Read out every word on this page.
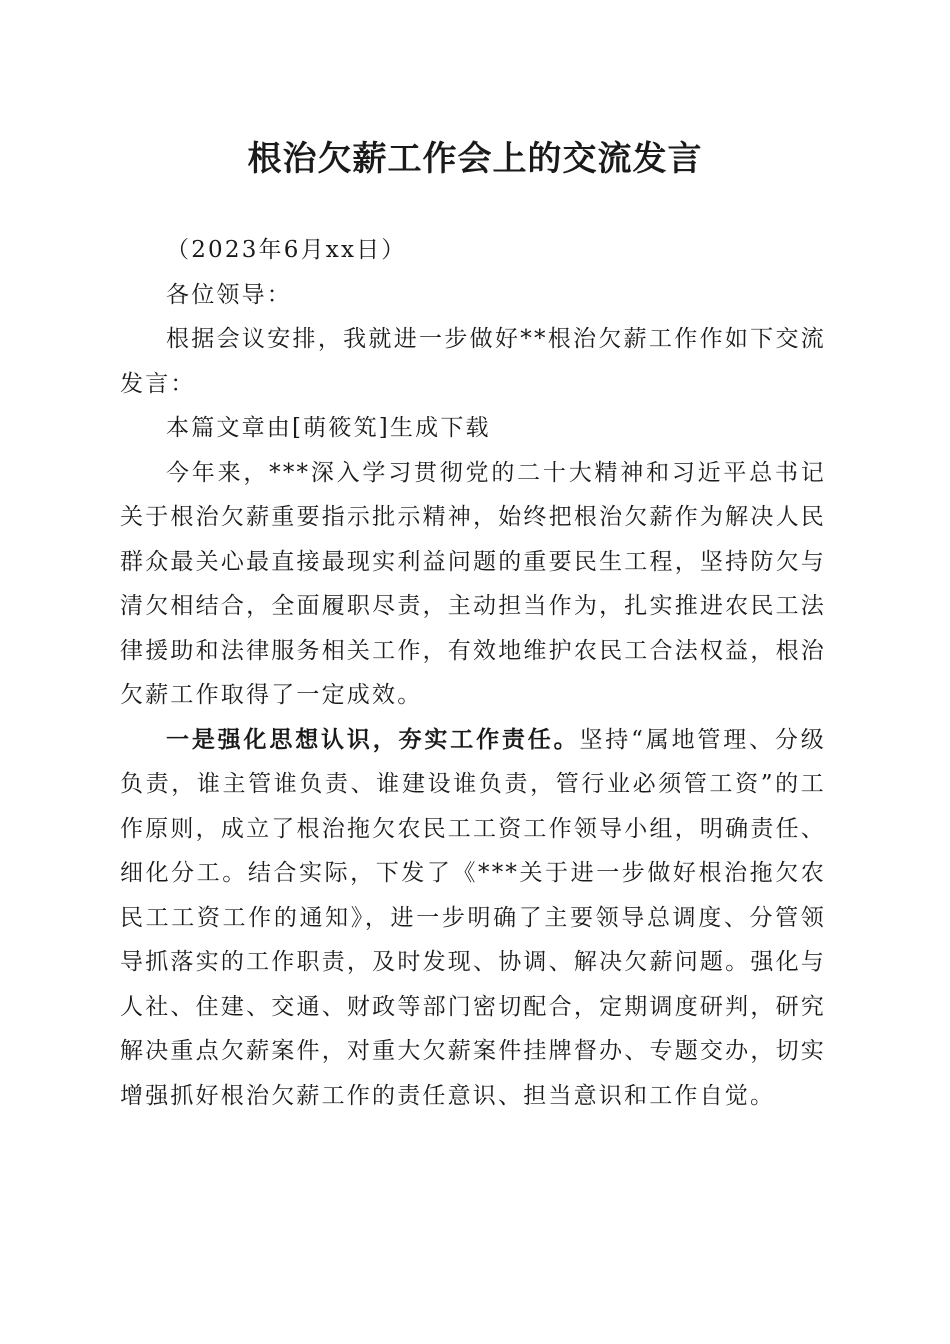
根治欠薪工作会上的交流发言

（2023年6月xx日）

各位领导：

根据会议安排，我就进一步做好**根治欠薪工作作如下交流发言：

本篇文章由[萌筱笂]生成下载

今年来，***深入学习贯彻党的二十大精神和习近平总书记关于根治欠薪重要指示批示精神，始终把根治欠薪作为解决人民群众最关心最直接最现实利益问题的重要民生工程，坚持防欠与清欠相结合，全面履职尽责，主动担当作为，扎实推进农民工法律援助和法律服务相关工作，有效地维护农民工合法权益，根治欠薪工作取得了一定成效。

一是强化思想认识，夯实工作责任。坚持“属地管理、分级负责，谁主管谁负责、谁建设谁负责，管行业必须管工资”的工作原则，成立了根治拖欠农民工工资工作领导小组，明确责任、细化分工。结合实际，下发了《***关于进一步做好根治拖欠农民工工资工作的通知》，进一步明确了主要领导总调度、分管领导抓落实的工作职责，及时发现、协调、解决欠薪问题。强化与人社、住建、交通、财政等部门密切配合，定期调度研判，研究解决重点欠薪案件，对重大欠薪案件挂牌督办、专题交办，切实增强抓好根治欠薪工作的责任意识、担当意识和工作自觉。
